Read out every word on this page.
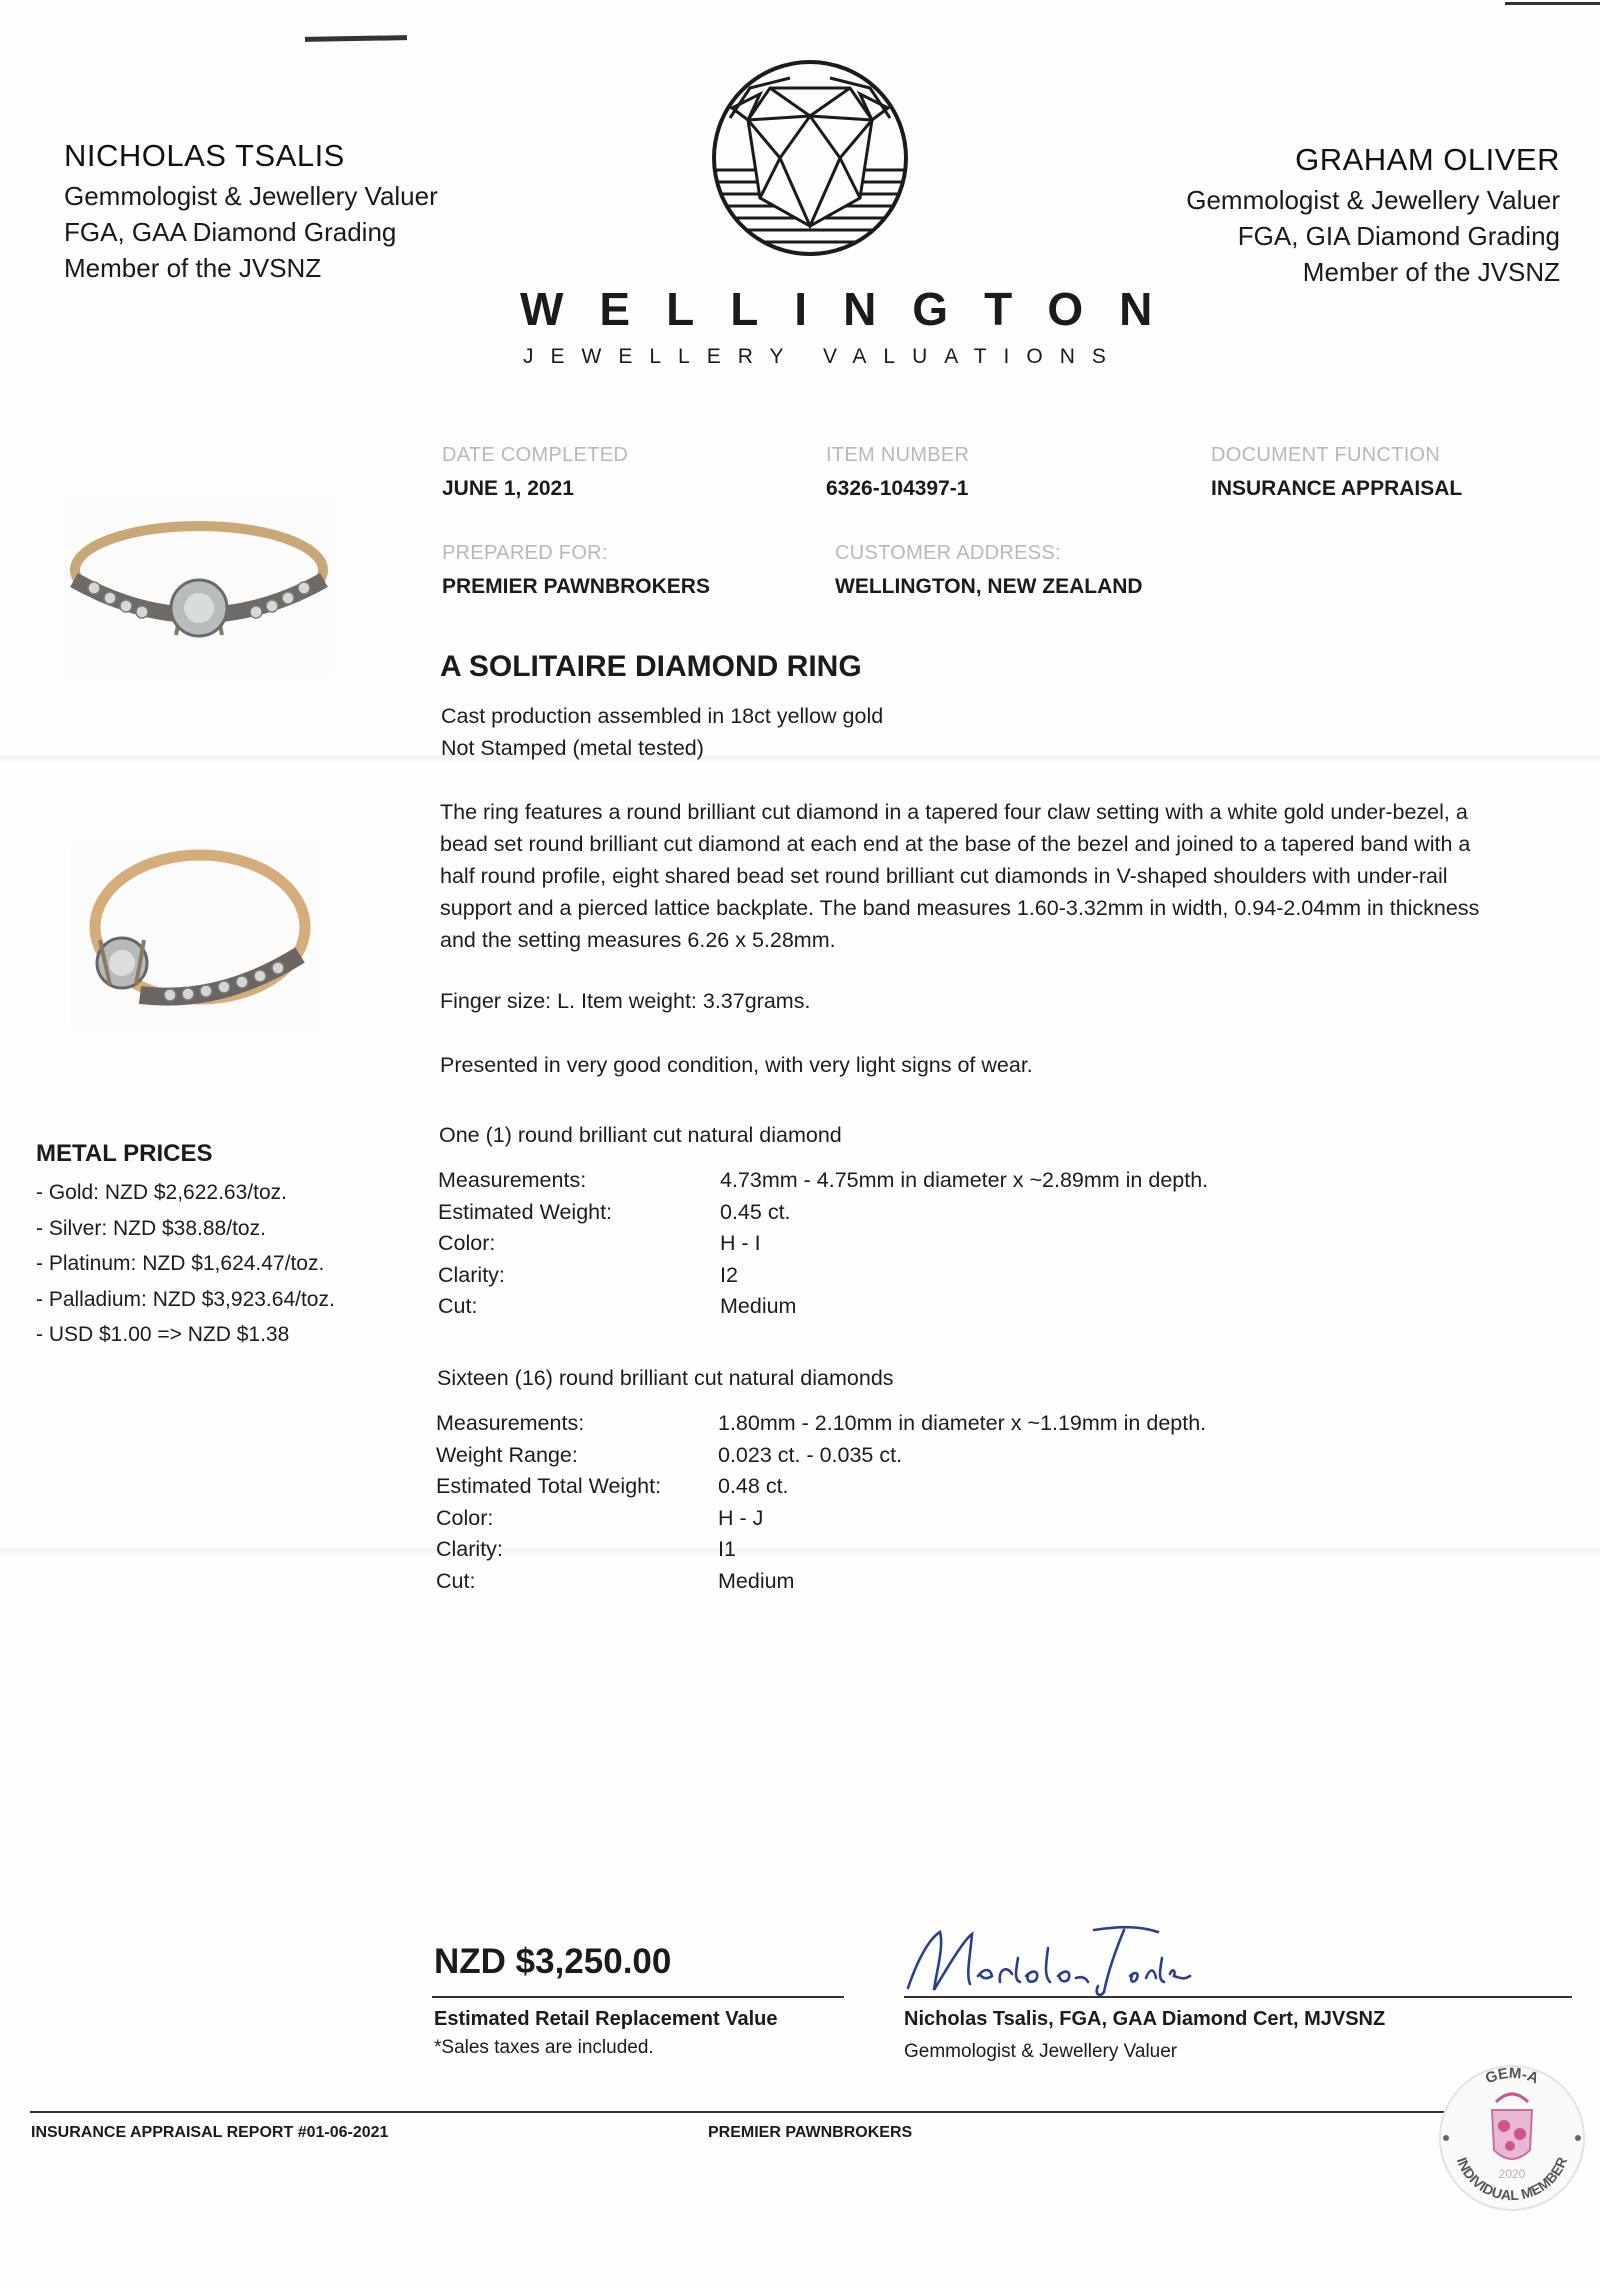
NICHOLAS TSALIS
Gemmologist & Jewellery Valuer
FGA, GAA Diamond Grading
Member of the JVSNZ
GRAHAM OLIVER
Gemmologist & Jewellery Valuer
FGA, GIA Diamond Grading
Member of the JVSNZ
WELLINGTON
JEWELLERY VALUATIONS
DATE COMPLETED
JUNE 1, 2021
ITEM NUMBER
6326-104397-1
DOCUMENT FUNCTION
INSURANCE APPRAISAL
PREPARED FOR:
PREMIER PAWNBROKERS
CUSTOMER ADDRESS:
WELLINGTON, NEW ZEALAND
A SOLITAIRE DIAMOND RING
Cast production assembled in 18ct yellow gold
Not Stamped (metal tested)
The ring features a round brilliant cut diamond in a tapered four claw setting with a white gold under-bezel, a
bead set round brilliant cut diamond at each end at the base of the bezel and joined to a tapered band with a
half round profile, eight shared bead set round brilliant cut diamonds in V-shaped shoulders with under-rail
support and a pierced lattice backplate. The band measures 1.60-3.32mm in width, 0.94-2.04mm in thickness
and the setting measures 6.26 x 5.28mm.
Finger size: L. Item weight: 3.37grams.
Presented in very good condition, with very light signs of wear.
METAL PRICES
- Gold: NZD $2,622.63/toz.
- Silver: NZD $38.88/toz.
- Platinum: NZD $1,624.47/toz.
- Palladium: NZD $3,923.64/toz.
- USD $1.00 => NZD $1.38
One (1) round brilliant cut natural diamond
Measurements:	4.73mm - 4.75mm in diameter x ~2.89mm in depth.
Estimated Weight:	0.45 ct.
Color:	H - I
Clarity:	I2
Cut:	Medium
Sixteen (16) round brilliant cut natural diamonds
Measurements:	1.80mm - 2.10mm in diameter x ~1.19mm in depth.
Weight Range:	0.023 ct. - 0.035 ct.
Estimated Total Weight:	0.48 ct.
Color:	H - J
Clarity:	I1
Cut:	Medium
NZD $3,250.00
Estimated Retail Replacement Value
*Sales taxes are included.
Nicholas Tsalis, FGA, GAA Diamond Cert, MJVSNZ
Gemmologist & Jewellery Valuer
INSURANCE APPRAISAL REPORT #01-06-2021	PREMIER PAWNBROKERS
GEM-A
INDIVIDUAL MEMBER
2020
